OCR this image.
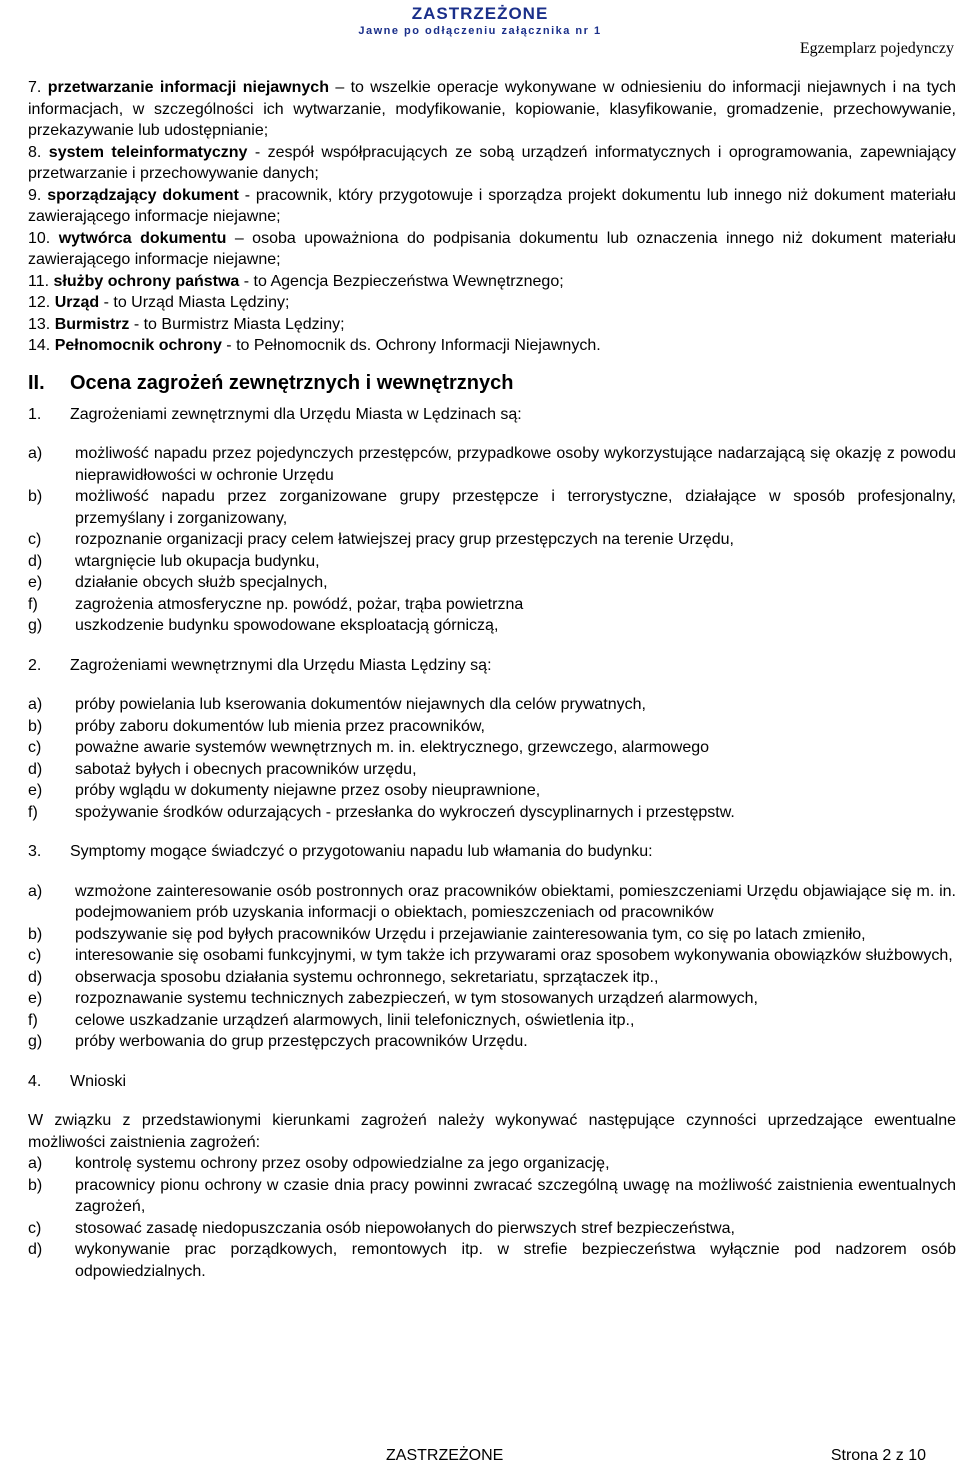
ZASTRZEŻONE
Jawne po odłączeniu załącznika nr 1
Egzemplarz pojedynczy

7. przetwarzanie informacji niejawnych – to wszelkie operacje wykonywane w odniesieniu do informacji niejawnych i na tych informacjach, w szczególności ich wytwarzanie, modyfikowanie, kopiowanie, klasyfikowanie, gromadzenie, przechowywanie, przekazywanie lub udostępnianie;

8. system teleinformatyczny - zespół współpracujących ze sobą urządzeń informatycznych i oprogramowania, zapewniający przetwarzanie i przechowywanie danych;

9. sporządzający dokument - pracownik, który przygotowuje i sporządza projekt dokumentu lub innego niż dokument materiału zawierającego informacje niejawne;

10. wytwórca dokumentu – osoba upoważniona do podpisania dokumentu lub oznaczenia innego niż dokument materiału zawierającego informacje niejawne;

11. służby ochrony państwa - to Agencja Bezpieczeństwa Wewnętrznego;

12. Urząd - to Urząd Miasta Lędziny;

13. Burmistrz - to Burmistrz Miasta Lędziny;

14. Pełnomocnik ochrony - to Pełnomocnik ds. Ochrony Informacji Niejawnych.

II.	Ocena zagrożeń zewnętrznych i wewnętrznych
1.	Zagrożeniami zewnętrznymi dla Urzędu Miasta w Lędzinach są:
a)	możliwość napadu przez pojedynczych przestępców, przypadkowe osoby wykorzystujące nadarzającą się okazję z powodu nieprawidłowości w ochronie Urzędu
b)	możliwość napadu przez zorganizowane grupy przestępcze i terrorystyczne, działające w sposób profesjonalny, przemyślany i zorganizowany,
c)	rozpoznanie organizacji pracy celem łatwiejszej pracy grup przestępczych na terenie Urzędu,
d)	wtargnięcie lub okupacja budynku,
e)	działanie obcych służb specjalnych,
f)	zagrożenia atmosferyczne np. powódź, pożar, trąba powietrzna
g)	uszkodzenie budynku spowodowane eksploatacją górniczą,
2.	Zagrożeniami wewnętrznymi dla Urzędu Miasta Lędziny są:
a)	próby powielania lub kserowania dokumentów niejawnych dla celów prywatnych,
b)	próby zaboru dokumentów lub mienia przez pracowników,
c)	poważne awarie systemów wewnętrznych m. in. elektrycznego, grzewczego, alarmowego
d)	sabotaż byłych i obecnych pracowników urzędu,
e)	próby wglądu w dokumenty niejawne przez osoby nieuprawnione,
f)	spożywanie środków odurzających - przesłanka do wykroczeń dyscyplinarnych i przestępstw.
3.	Symptomy mogące świadczyć o przygotowaniu napadu lub włamania do budynku:
a)	wzmożone zainteresowanie osób postronnych oraz pracowników obiektami, pomieszczeniami Urzędu objawiające się m. in. podejmowaniem prób uzyskania informacji o obiektach, pomieszczeniach od pracowników
b)	podszywanie się pod byłych pracowników Urzędu i przejawianie zainteresowania tym, co się po latach zmieniło,
c)	interesowanie się osobami funkcyjnymi, w tym także ich przywarami oraz sposobem wykonywania obowiązków służbowych,
d)	obserwacja sposobu działania systemu ochronnego, sekretariatu, sprzątaczek itp.,
e)	rozpoznawanie systemu technicznych zabezpieczeń, w tym stosowanych urządzeń alarmowych,
f)	celowe uszkadzanie urządzeń alarmowych, linii telefonicznych, oświetlenia itp.,
g)	próby werbowania do grup przestępczych pracowników Urzędu.
4.	Wnioski

W związku z przedstawionymi kierunkami zagrożeń należy wykonywać następujące czynności uprzedzające ewentualne możliwości zaistnienia zagrożeń:

a)	kontrolę systemu ochrony przez osoby odpowiedzialne za jego organizację,
b)	pracownicy pionu ochrony w czasie dnia pracy powinni zwracać szczególną uwagę na możliwość zaistnienia ewentualnych zagrożeń,
c)	stosować zasadę niedopuszczania osób niepowołanych do pierwszych stref bezpieczeństwa,
d)	wykonywanie prac porządkowych, remontowych itp. w strefie bezpieczeństwa wyłącznie pod nadzorem osób odpowiedzialnych.
ZASTRZEŻONE	Strona 2 z 10
